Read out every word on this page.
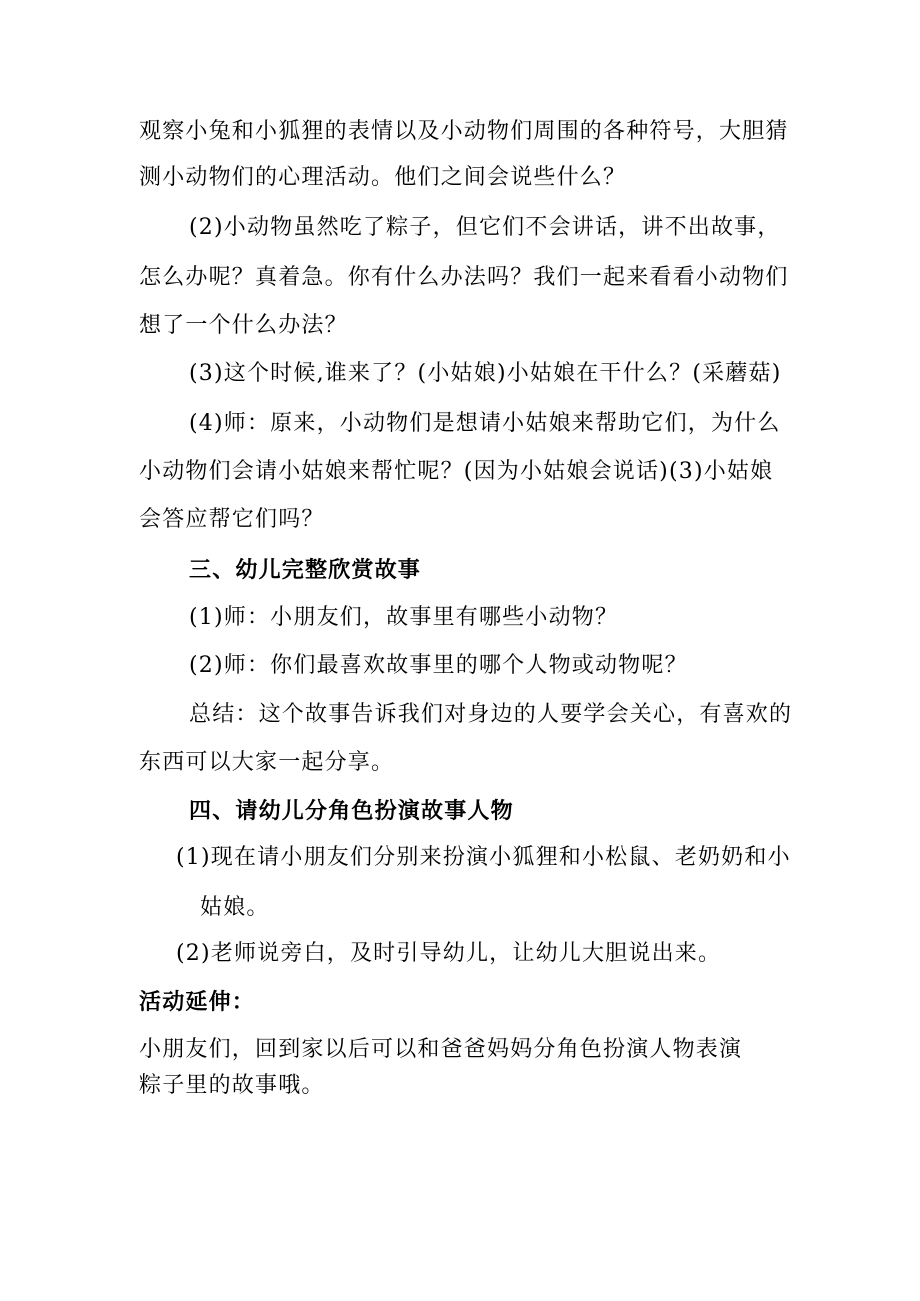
观察小兔和小狐狸的表情以及小动物们周围的各种符号，大胆猜
测小动物们的心理活动。他们之间会说些什么？
(2)小动物虽然吃了粽子，但它们不会讲话，讲不出故事，
怎么办呢？真着急。你有什么办法吗？我们一起来看看小动物们
想了一个什么办法？
(3)这个时候,谁来了？(小姑娘)小姑娘在干什么？(采蘑菇)
(4)师：原来，小动物们是想请小姑娘来帮助它们，为什么
小动物们会请小姑娘来帮忙呢？(因为小姑娘会说话)(3)小姑娘
会答应帮它们吗？
三、幼儿完整欣赏故事
(1)师：小朋友们，故事里有哪些小动物？
(2)师：你们最喜欢故事里的哪个人物或动物呢？
总结：这个故事告诉我们对身边的人要学会关心，有喜欢的
东西可以大家一起分享。
四、请幼儿分角色扮演故事人物
(1)现在请小朋友们分别来扮演小狐狸和小松鼠、老奶奶和小
姑娘。
(2)老师说旁白，及时引导幼儿，让幼儿大胆说出来。
活动延伸：
小朋友们，回到家以后可以和爸爸妈妈分角色扮演人物表演
粽子里的故事哦。
